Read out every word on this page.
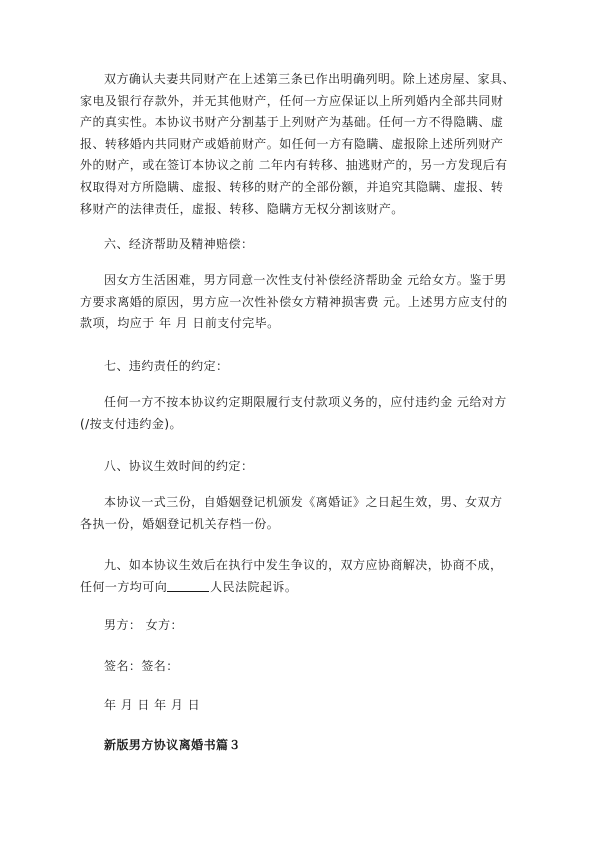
双方确认夫妻共同财产在上述第三条已作出明确列明。除上述房屋、家具、家电及银行存款外，并无其他财产，任何一方应保证以上所列婚内全部共同财产的真实性。本协议书财产分割基于上列财产为基础。任何一方不得隐瞒、虚报、转移婚内共同财产或婚前财产。如任何一方有隐瞒、虚报除上述所列财产外的财产，或在签订本协议之前 二年内有转移、抽逃财产的，另一方发现后有权取得对方所隐瞒、虚报、转移的财产的全部份额，并追究其隐瞒、虚报、转移财产的法律责任，虚报、转移、隐瞒方无权分割该财产。

六、经济帮助及精神赔偿：

因女方生活困难，男方同意一次性支付补偿经济帮助金 元给女方。鉴于男方要求离婚的原因，男方应一次性补偿女方精神损害费 元。上述男方应支付的款项，均应于 年 月 日前支付完毕。

七、违约责任的约定：

任何一方不按本协议约定期限履行支付款项义务的，应付违约金 元给对方(/按支付违约金)。

八、协议生效时间的约定：

本协议一式三份，自婚姻登记机颁发《离婚证》之日起生效，男、女双方各执一份，婚姻登记机关存档一份。

九、如本协议生效后在执行中发生争议的，双方应协商解决，协商不成，任何一方均可向	人民法院起诉。

男方： 女方：

签名：签名：

年 月 日 年 月 日

新版男方协议离婚书篇３
